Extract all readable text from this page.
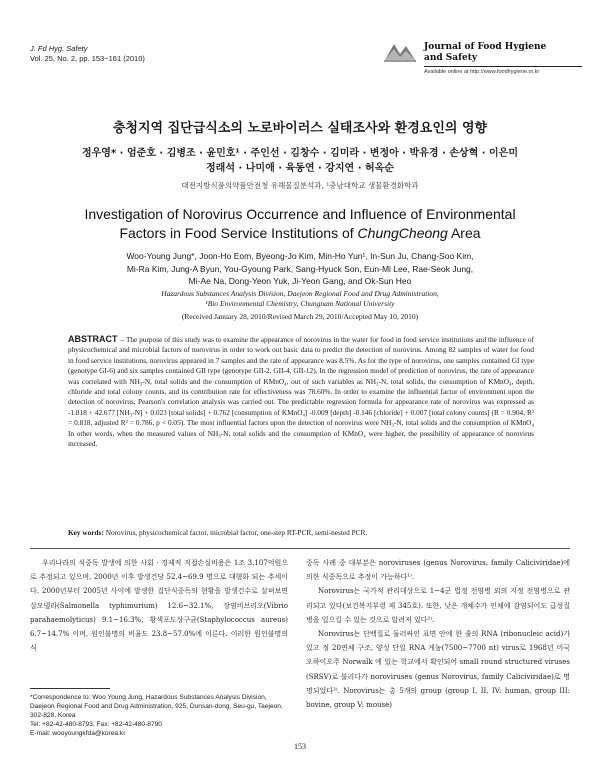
J. Fd Hyg. Safety
Vol. 25, No. 2, pp. 153~161 (2010)
Journal of Food Hygiene
and Safety
Available online at http://www.foodhygiene.or.kr
충청지역 집단급식소의 노로바이러스 실태조사와 환경요인의 영향
정우영* · 엄준호 · 김병조 · 윤민호¹ · 주인선 · 김창수 · 김미라 · 변정아 · 박유경 · 손상혁 · 이은미
정래석 · 나미애 · 육동연 · 강지연 · 허옥순
대전지방식품의약품안전청 유해물질분석과, ¹충남대학교 생물환경화학과
Investigation of Norovirus Occurrence and Influence of Environmental
Factors in Food Service Institutions of ChungCheong Area
Woo-Young Jung*, Joon-Ho Eom, Byeong-Jo Kim, Min-Ho Yun¹, In-Sun Ju, Chang-Soo Kim,
Mi-Ra Kim, Jung-A Byun, You-Gyoung Park, Sang-Hyuck Son, Eun-Mi Lee, Rae-Seok Jung,
Mi-Ae Na, Dong-Yeon Yuk, Ji-Yeon Gang, and Ok-Sun Heo
Hazardous Substances Analysis Division, Daejeon Regional Food and Drug Administration,
¹Bio Environmental Chemistry, Chungnam National University
(Received January 28, 2010/Revised March 29, 2010/Accepted May 10, 2010)
ABSTRACT – The purpose of this study was to examine the appearance of norovirus in the water for food in food service institutions and the influence of physicochemical and microbial factors of norovirus in order to work out basic data to predict the detection of norovirus. Among 82 samples of water for food in food service institutions, norovirus appeared in 7 samples and the rate of appearance was 8.5%. As for the type of norovirus, one samples contained GI type (genotype GI-6) and six samples contained GII type (genotype GII-2, GII-4, GII-12). In the regression model of prediction of norovirus, the rate of appearance was correlated with NH₃-N, total solids and the consumption of KMnO₄, out of such variables as NH₃-N, total solids, the consumption of KMnO₄, depth, chloride and total colony counts, and its contribution rate for effectiveness was 78.60%. In order to examine the influential factor of environment upon the detection of norovirus, Pearson's correlation analysis was carried out. The predictable regression formula for appearance rate of norovirus was expressed as -1.818 + 42.677 [NH₃-N] + 0.023 [total solids] + 0.762 [consumption of KMnO₄] -0.009 [depth] -0.146 [chloride] + 0.007 [total colony counts] (R = 0.904, R² = 0.818, adjusted R² = 0.786, p < 0.05). The most influential factors upon the detection of norovirus were NH₃-N, total solids and the consumption of KMnO₄ In other words, when the measured values of NH₃-N, total solids and the consumption of KMnO₄ were higher, the possibility of appearance of norovirus increased.
Key words: Norovirus, physicochemical factor, microbial factor, one-step RT-PCR, semi-nested PCR.

우리나라의 식중독 발생에 의한 사회 · 경제적 직접손실비용은 1조 3,107억원으로 추정되고 있으며, 2000년 이후 발생건당 52.4~69.9 명으로 대형화 되는 추세이다. 2000년부터 2005년 사이에 발생한 집단식중독의 현황을 발생건수로 살펴보면 살모넬라(Salmonella typhimurium) 12.6~32.1%, 장염비브리오(Vibrio parahaemolyticus) 9.1~16.3%, 황색포도상구균(Staphylococcus aureus) 6.7~14.7% 이며, 원인불명의 비율도 23.8~57.0%에 이른다. 이러한 원인불명의 식

중독 사례 중 대부분은 noroviruses (genus Norovirus, family Caliciviridae)에 의한 식중독으로 추정이 가능하다¹⁾.

Norovirus는 국가적 관리대상으로 1~4군 법정 전염병 외의 지정 전염병으로 관리되고 있다(보건복지부령 제 345호). 또한, 낮은 개체수가 인체에 감염되어도 급성질병을 일으킬 수 있는 것으로 알려져 있다²⁾.

Norovirus는 단백질로 둘러싸인 표면 안에 한 줄의 RNA (ribonucleic acid)가 있고 정 20면체 구조, 양성 단일 RNA 게놈(7500~7700 nt) virus로 1968년 미국 오하이오주 Norwalk 에 있는 학교에서 확인되어 small round structured viruses (SRSV)로 불리다가 noroviruses (genus Norovirus, family Caliciviridae)로 명명되었다³⁾. Norovirus는 총 5개의 group (group I, II, IV: human, group III: bovine, group V: mouse)

*Correspondence to: Woo Young Jung, Hazardous Substances Analysis Division, Daejeon Regional Food and Drug Administration, 925, Dunsan-dong, Seu-gu, Taejeon, 302-828, Korea
Tel: +82-42-480-8793, Fax: +82-42-480-8790
E-mail: wooyoungkfda@korea.kr
153
